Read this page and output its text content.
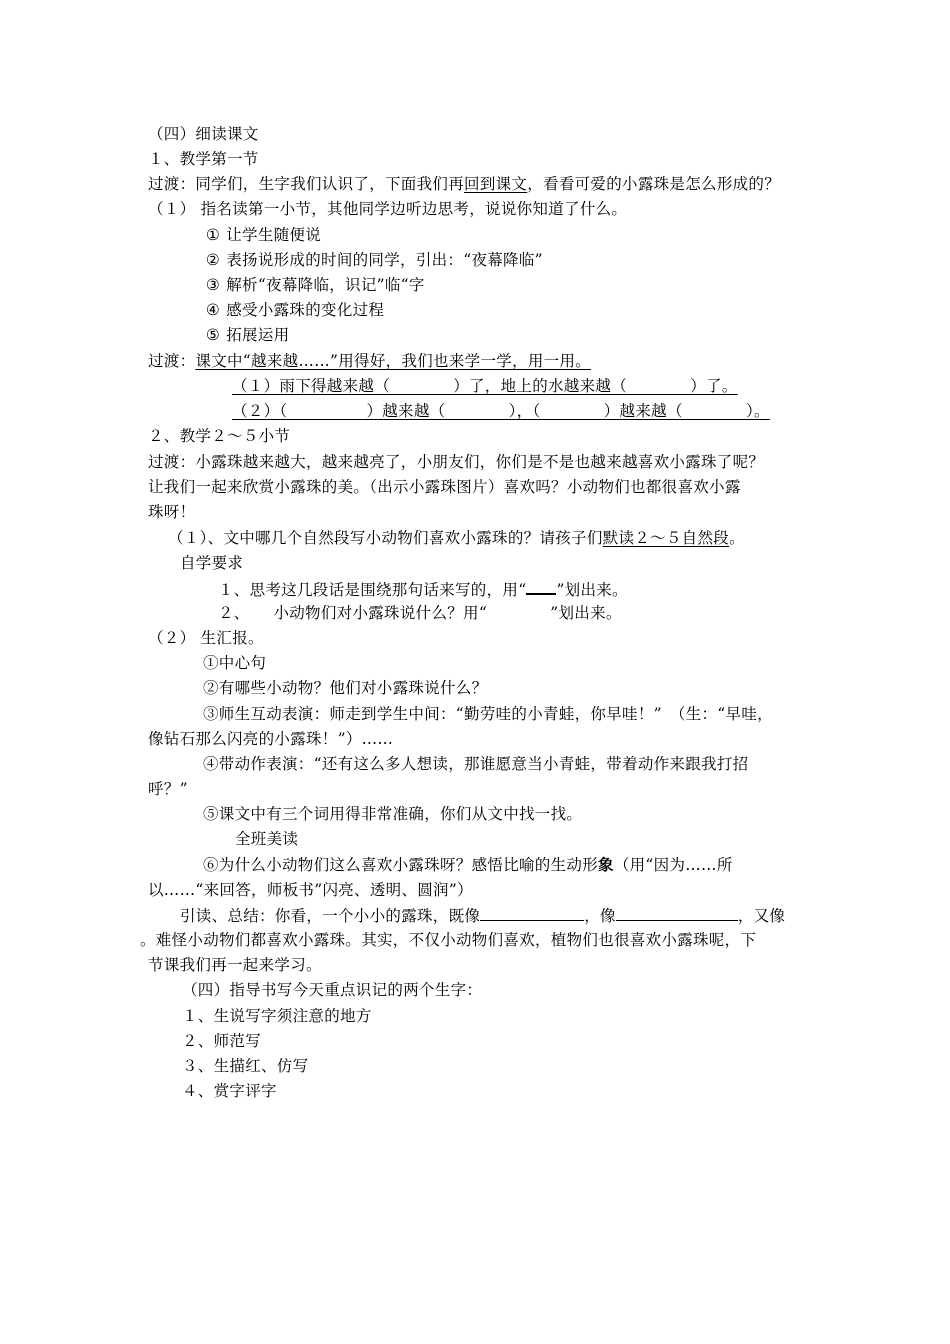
（四）细读课文
１、教学第一节
过渡：同学们，生字我们认识了，下面我们再回到课文，看看可爱的小露珠是怎么形成的？
（１） 指名读第一小节，其他同学边听边思考，说说你知道了什么。
① 让学生随便说
② 表扬说形成的时间的同学，引出：“夜幕降临”
③ 解析“夜幕降临，识记”临“字
④ 感受小露珠的变化过程
⑤ 拓展运用
过渡：课文中“越来越……”用得好，我们也来学一学，用一用。
（１）雨下得越来越（　　　　）了，地上的水越来越（　　　　）了。
（２）（　　　　　）越来越（　　　　），（　　　　）越来越（　　　　）。
２、教学２～５小节
过渡：小露珠越来越大，越来越亮了，小朋友们，你们是不是也越来越喜欢小露珠了呢？
让我们一起来欣赏小露珠的美。（出示小露珠图片）喜欢吗？小动物们也都很喜欢小露
珠呀！
（１）、文中哪几个自然段写小动物们喜欢小露珠的？请孩子们默读２～５自然段。
自学要求
１、思考这几段话是围绕那句话来写的，用“ ”划出来。
２、　　小动物们对小露珠说什么？用“　　　　”划出来。
（２） 生汇报。
①中心句
②有哪些小动物？他们对小露珠说什么？
③师生互动表演：师走到学生中间：“勤劳哇的小青蛙，你早哇！”　（生：“早哇，
像钻石那么闪亮的小露珠！”）……
④带动作表演：“还有这么多人想读，那谁愿意当小青蛙，带着动作来跟我打招
呼？”
⑤课文中有三个词用得非常准确，你们从文中找一找。
全班美读
⑥为什么小动物们这么喜欢小露珠呀？感悟比喻的生动形象（用“因为……所
以……“来回答，师板书”闪亮、透明、圆润”）
引读、总结：你看，一个小小的露珠，既像	，像	，又像
。难怪小动物们都喜欢小露珠。其实，不仅小动物们喜欢，植物们也很喜欢小露珠呢，下
节课我们再一起来学习。
（四）指导书写今天重点识记的两个生字：
１、生说写字须注意的地方
２、师范写
３、生描红、仿写
４、赏字评字
